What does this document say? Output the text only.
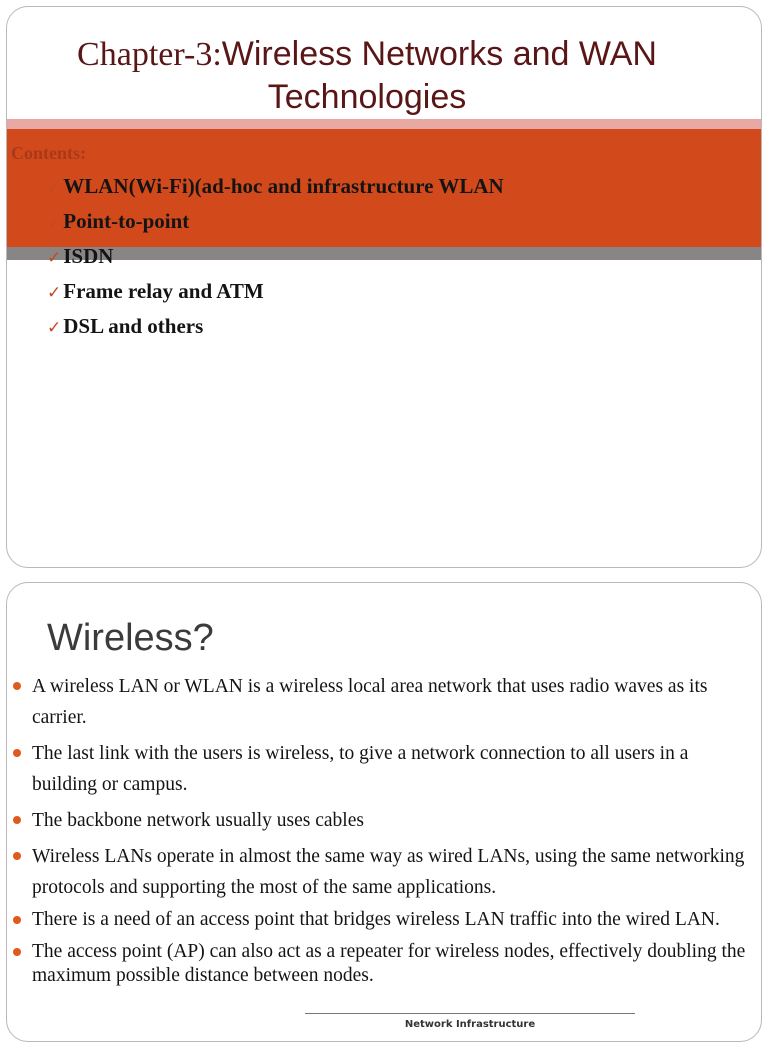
Chapter-3:Wireless Networks and WAN
Technologies
Contents:
✓WLAN(Wi-Fi)(ad-hoc and infrastructure WLAN
✓Point-to-point
✓ISDN
✓Frame relay and ATM
✓DSL and others
Wireless?
A wireless LAN or WLAN is a wireless local area network that uses radio waves as its carrier.
The last link with the users is wireless, to give a network connection to all users in a building or campus.
The backbone network usually uses cables
Wireless LANs operate in almost the same way as wired LANs, using the same networking protocols and supporting the most of the same applications.
There is a need of an access point that bridges wireless LAN traffic into the wired LAN.
The access point (AP) can also act as a repeater for wireless nodes, effectively doubling the maximum possible distance between nodes.
Network Infrastructure
